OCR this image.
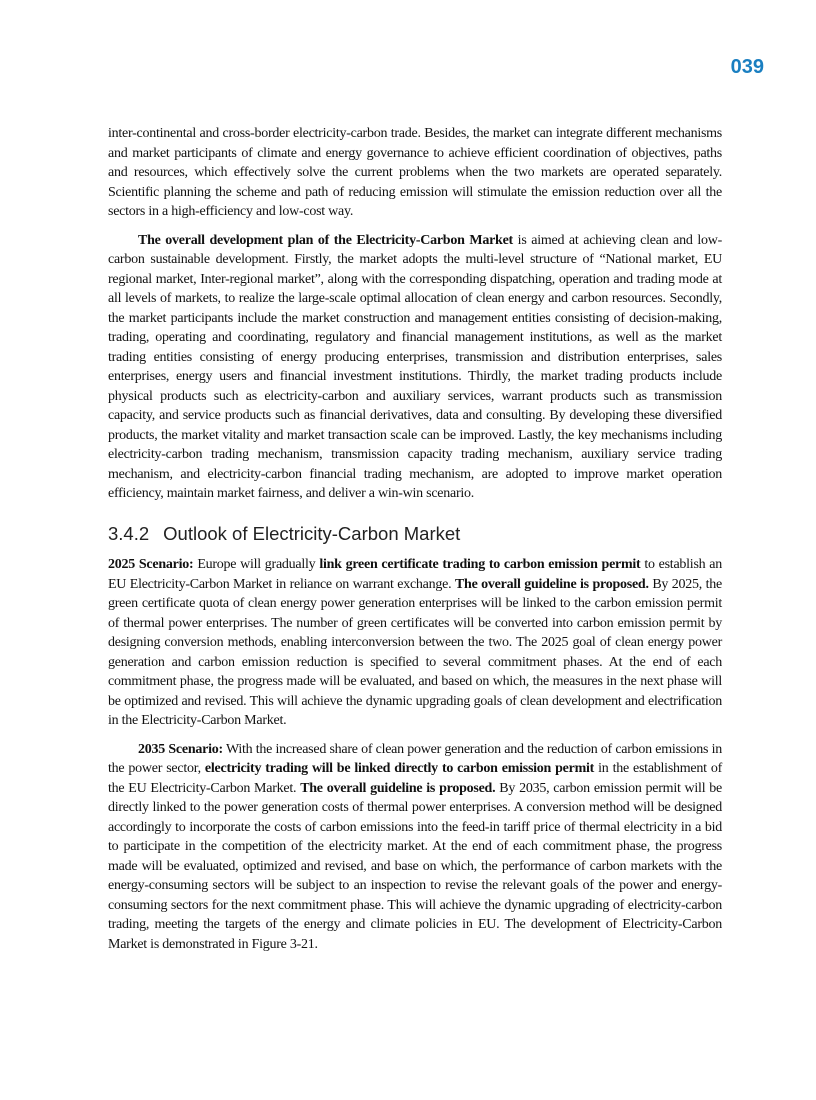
039

inter-continental and cross-border electricity-carbon trade. Besides, the market can integrate different mechanisms and market participants of climate and energy governance to achieve efficient coordination of objectives, paths and resources, which effectively solve the current problems when the two markets are operated separately. Scientific planning the scheme and path of reducing emission will stimulate the emission reduction over all the sectors in a high-efficiency and low-cost way.

The overall development plan of the Electricity-Carbon Market is aimed at achieving clean and low-carbon sustainable development. Firstly, the market adopts the multi-level structure of “National market, EU regional market, Inter-regional market”, along with the corresponding dispatching, operation and trading mode at all levels of markets, to realize the large-scale optimal allocation of clean energy and carbon resources. Secondly, the market participants include the market construction and management entities consisting of decision-making, trading, operating and coordinating, regulatory and financial management institutions, as well as the market trading entities consisting of energy producing enterprises, transmission and distribution enterprises, sales enterprises, energy users and financial investment institutions. Thirdly, the market trading products include physical products such as electricity-carbon and auxiliary services, warrant products such as transmission capacity, and service products such as financial derivatives, data and consulting. By developing these diversified products, the market vitality and market transaction scale can be improved. Lastly, the key mechanisms including electricity-carbon trading mechanism, transmission capacity trading mechanism, auxiliary service trading mechanism, and electricity-carbon financial trading mechanism, are adopted to improve market operation efficiency, maintain market fairness, and deliver a win-win scenario.

3.4.2 Outlook of Electricity-Carbon Market

2025 Scenario: Europe will gradually link green certificate trading to carbon emission permit to establish an EU Electricity-Carbon Market in reliance on warrant exchange. The overall guideline is proposed. By 2025, the green certificate quota of clean energy power generation enterprises will be linked to the carbon emission permit of thermal power enterprises. The number of green certificates will be converted into carbon emission permit by designing conversion methods, enabling interconversion between the two. The 2025 goal of clean energy power generation and carbon emission reduction is specified to several commitment phases. At the end of each commitment phase, the progress made will be evaluated, and based on which, the measures in the next phase will be optimized and revised. This will achieve the dynamic upgrading goals of clean development and electrification in the Electricity-Carbon Market.

2035 Scenario: With the increased share of clean power generation and the reduction of carbon emissions in the power sector, electricity trading will be linked directly to carbon emission permit in the establishment of the EU Electricity-Carbon Market. The overall guideline is proposed. By 2035, carbon emission permit will be directly linked to the power generation costs of thermal power enterprises. A conversion method will be designed accordingly to incorporate the costs of carbon emissions into the feed-in tariff price of thermal electricity in a bid to participate in the competition of the electricity market. At the end of each commitment phase, the progress made will be evaluated, optimized and revised, and base on which, the performance of carbon markets with the energy-consuming sectors will be subject to an inspection to revise the relevant goals of the power and energy-consuming sectors for the next commitment phase. This will achieve the dynamic upgrading of electricity-carbon trading, meeting the targets of the energy and climate policies in EU. The development of Electricity-Carbon Market is demonstrated in Figure 3-21.
